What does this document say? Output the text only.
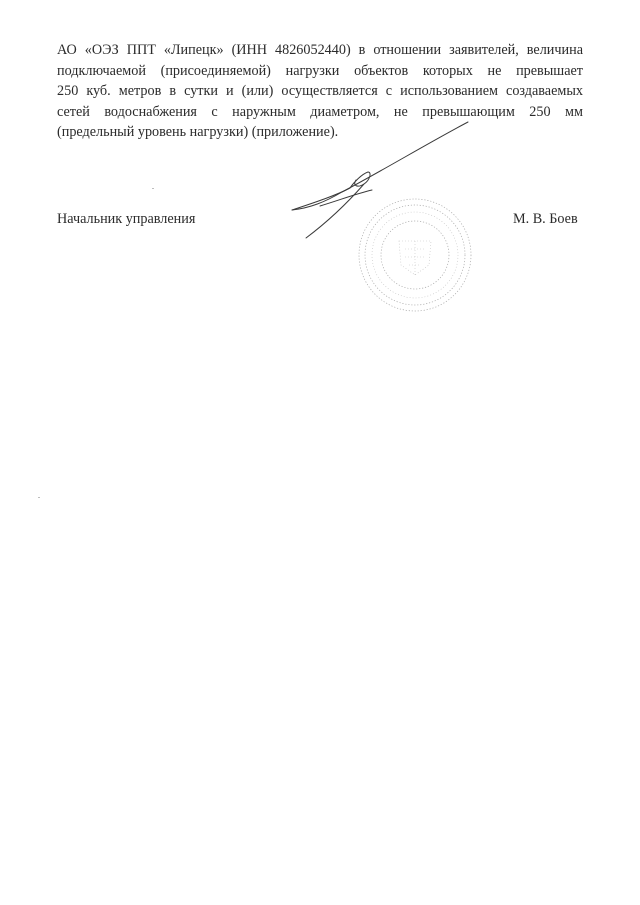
АО «ОЭЗ ППТ «Липецк» (ИНН 4826052440) в отношении заявителей, величина
подключаемой (присоединяемой) нагрузки объектов которых не превышает
250 куб. метров в сутки и (или) осуществляется с использованием создаваемых
сетей водоснабжения с наружным диаметром, не превышающим 250 мм
(предельный уровень нагрузки) (приложение).
Начальник управления	М. В. Боев
